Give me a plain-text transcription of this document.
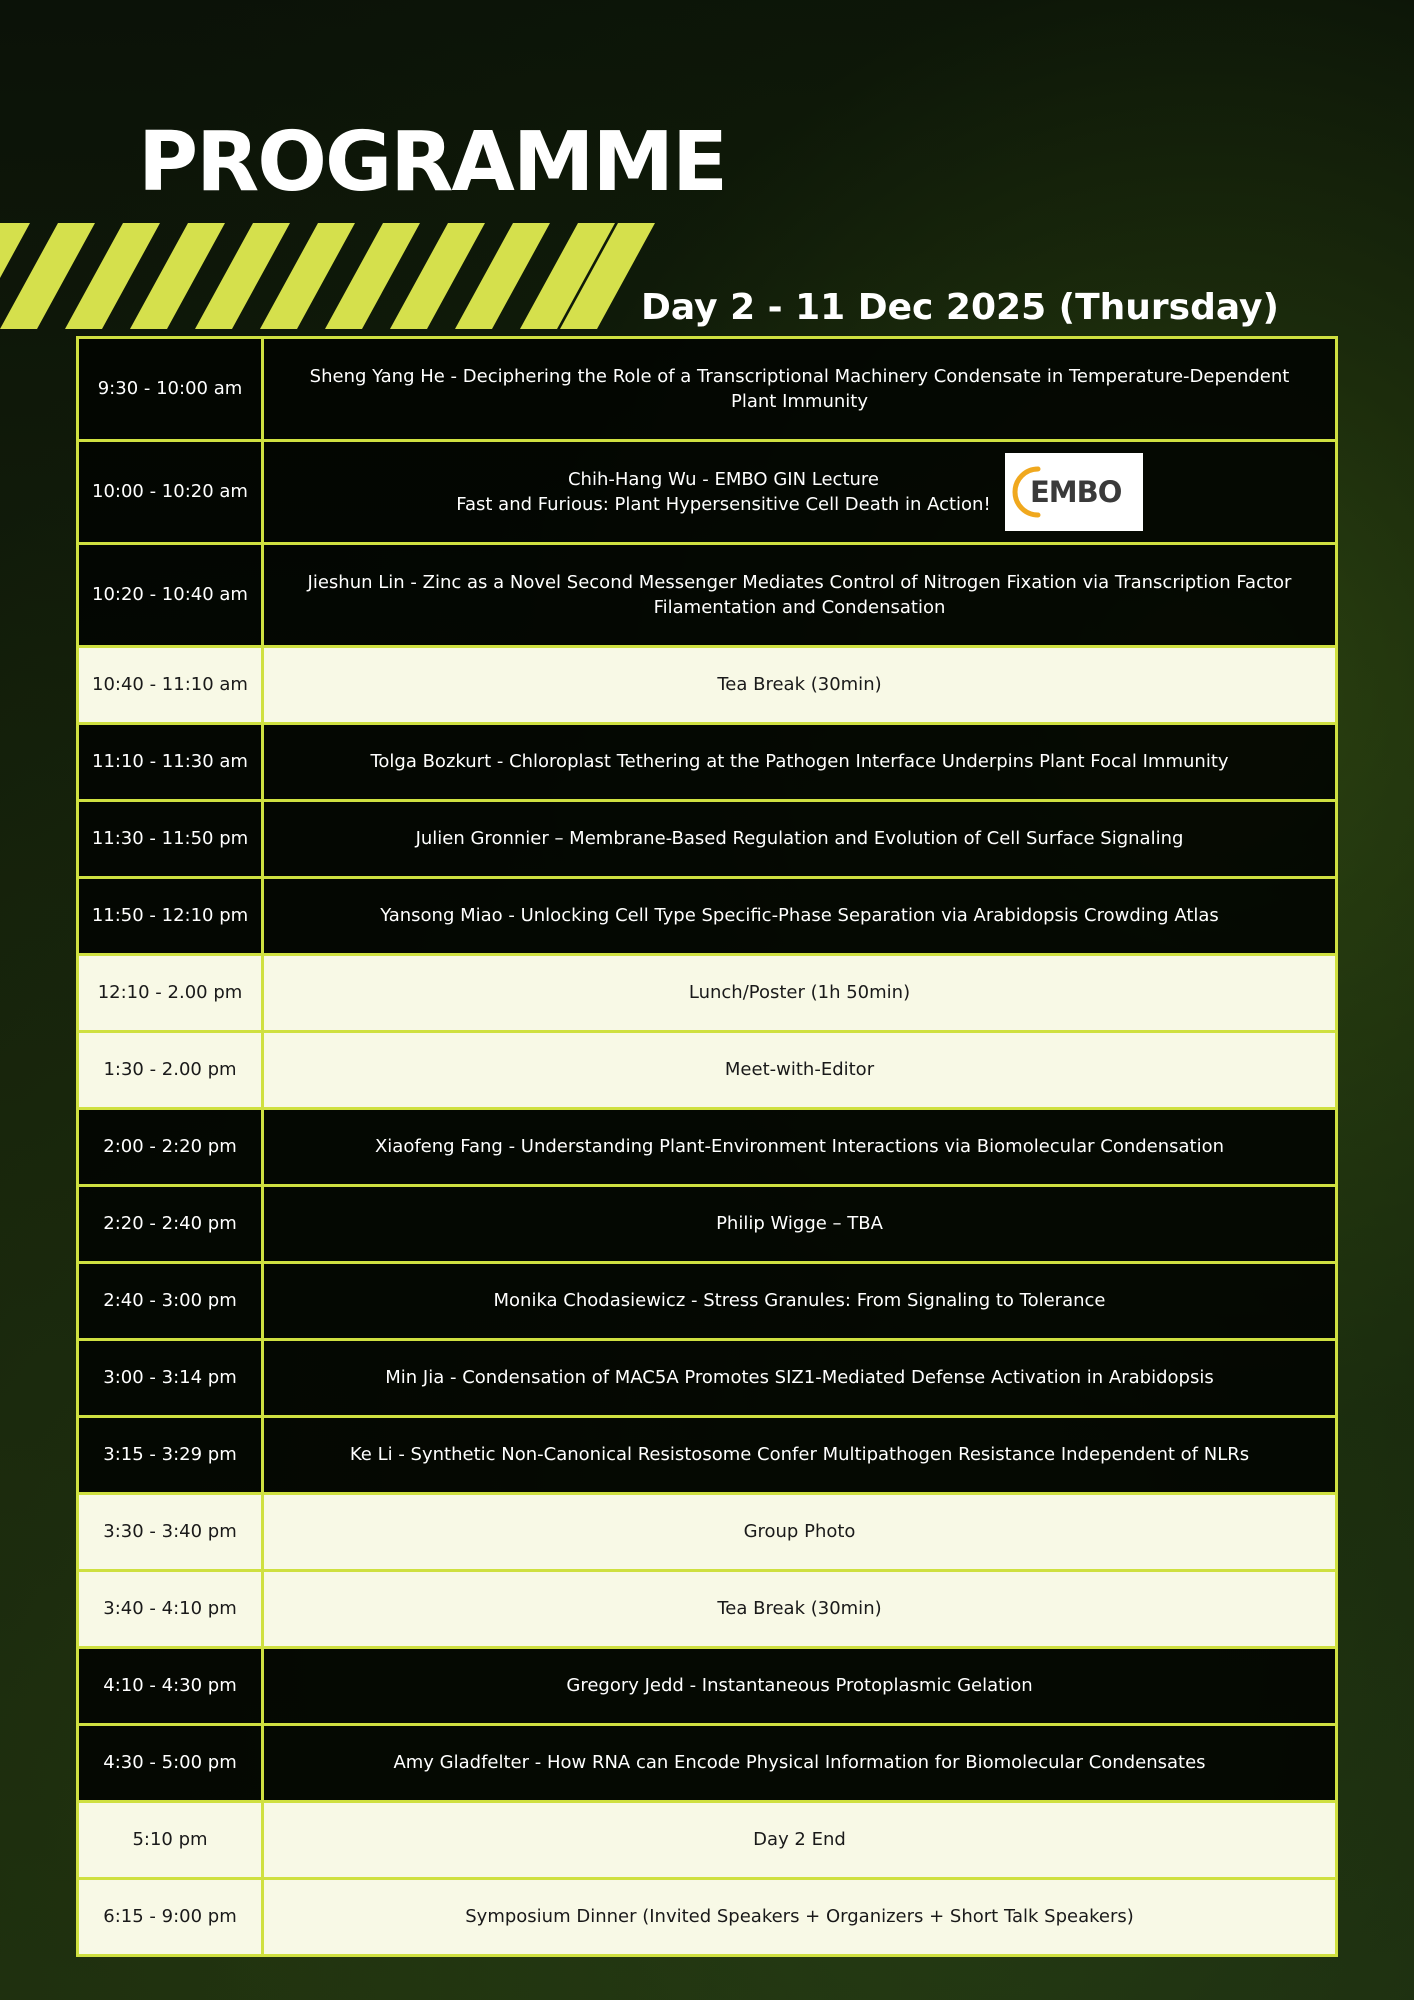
PROGRAMME
Day 2 - 11 Dec 2025 (Thursday)
9:30 - 10:00 am	Sheng Yang He - Deciphering the Role of a Transcriptional Machinery Condensate in Temperature-Dependent Plant Immunity
10:00 - 10:20 am	Chih-Hang Wu - EMBO GIN Lecture
Fast and Furious: Plant Hypersensitive Cell Death in Action! EMBO

10:20 - 10:40 am	Jieshun Lin - Zinc as a Novel Second Messenger Mediates Control of Nitrogen Fixation via Transcription Factor Filamentation and Condensation
10:40 - 11:10 am	Tea Break (30min)
11:10 - 11:30 am	Tolga Bozkurt - Chloroplast Tethering at the Pathogen Interface Underpins Plant Focal Immunity
11:30 - 11:50 pm	Julien Gronnier – Membrane-Based Regulation and Evolution of Cell Surface Signaling
11:50 - 12:10 pm	Yansong Miao - Unlocking Cell Type Specific-Phase Separation via Arabidopsis Crowding Atlas
12:10 - 2.00 pm	Lunch/Poster (1h 50min)
1:30 - 2.00 pm	Meet-with-Editor
2:00 - 2:20 pm	Xiaofeng Fang - Understanding Plant-Environment Interactions via Biomolecular Condensation
2:20 - 2:40 pm	Philip Wigge – TBA
2:40 - 3:00 pm	Monika Chodasiewicz - Stress Granules: From Signaling to Tolerance
3:00 - 3:14 pm	Min Jia - Condensation of MAC5A Promotes SIZ1-Mediated Defense Activation in Arabidopsis
3:15 - 3:29 pm	Ke Li - Synthetic Non-Canonical Resistosome Confer Multipathogen Resistance Independent of NLRs
3:30 - 3:40 pm	Group Photo
3:40 - 4:10 pm	Tea Break (30min)
4:10 - 4:30 pm	Gregory Jedd - Instantaneous Protoplasmic Gelation
4:30 - 5:00 pm	Amy Gladfelter - How RNA can Encode Physical Information for Biomolecular Condensates
5:10 pm	Day 2 End
6:15 - 9:00 pm	Symposium Dinner (Invited Speakers + Organizers + Short Talk Speakers)
